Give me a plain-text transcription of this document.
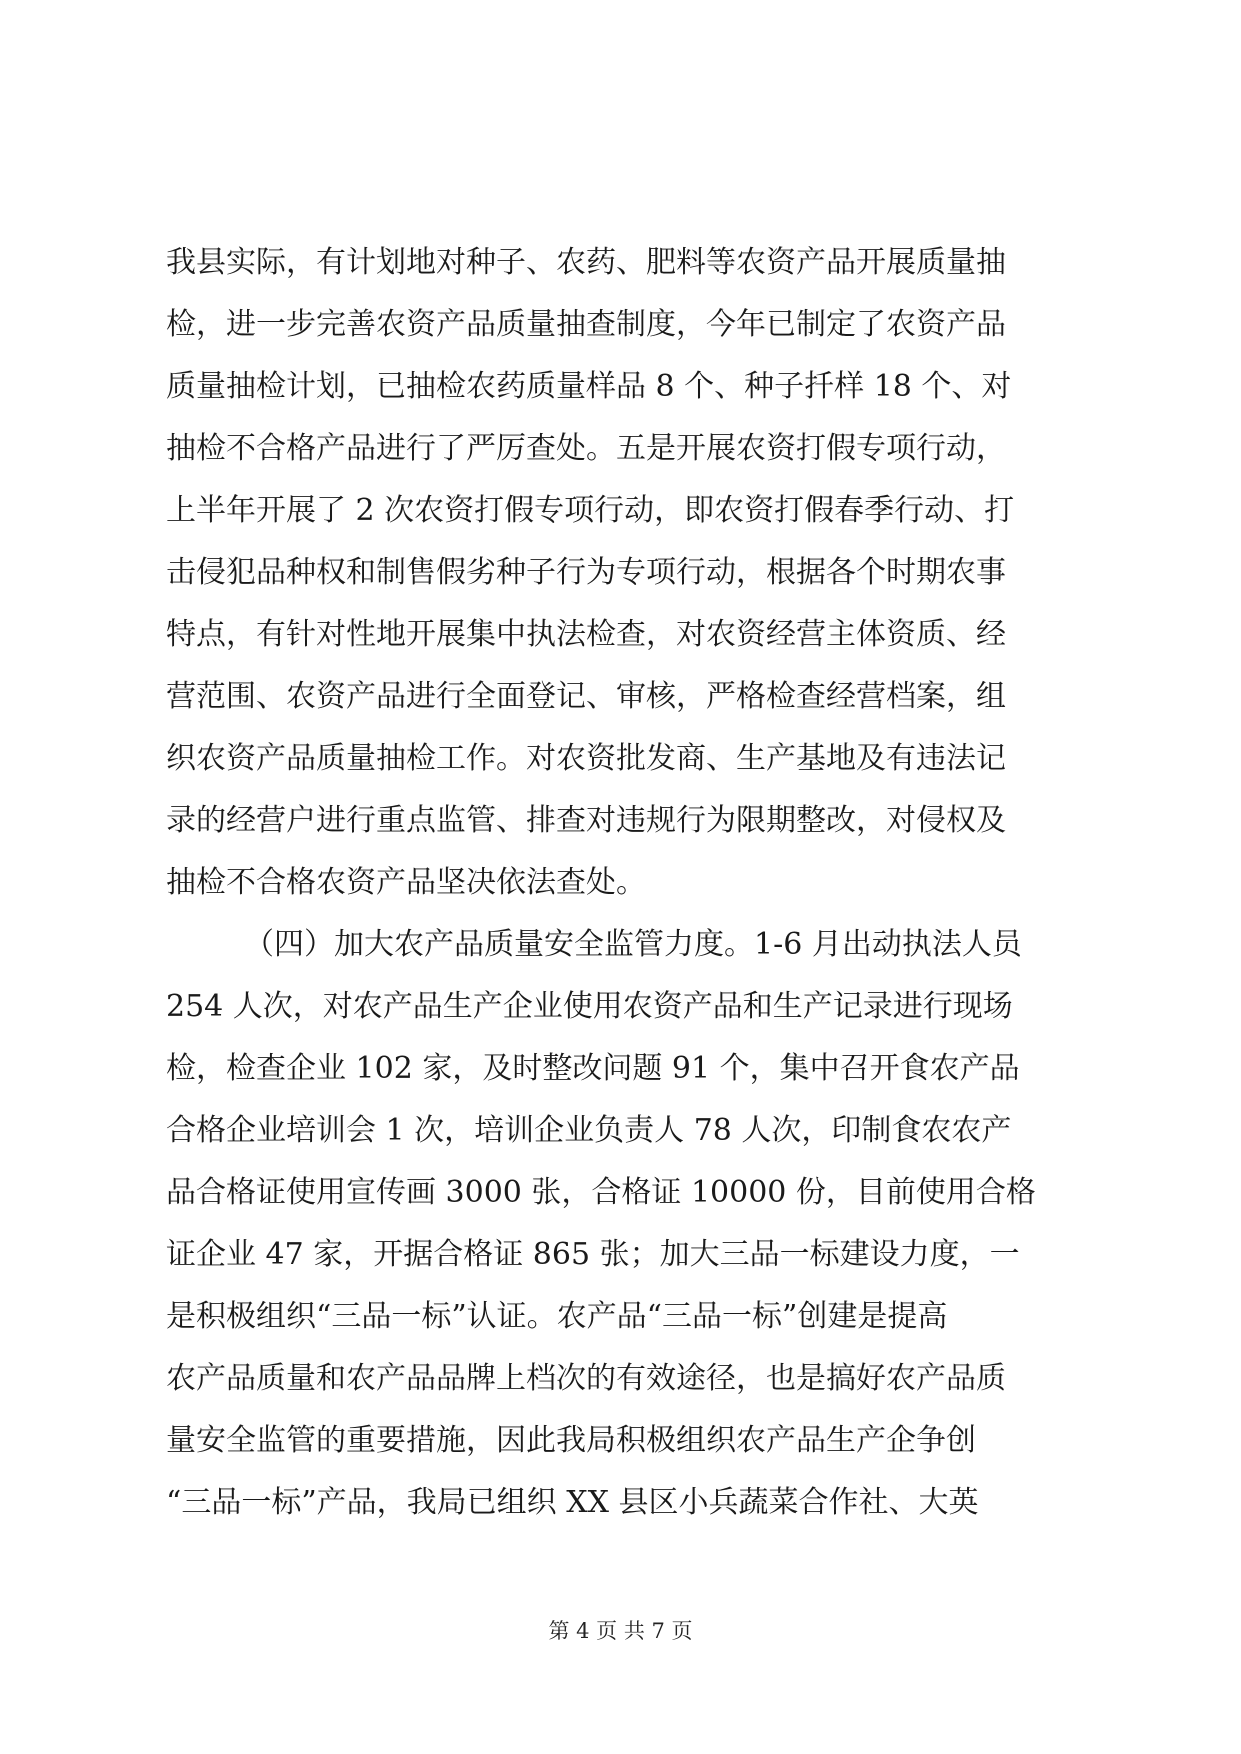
我县实际，有计划地对种子、农药、肥料等农资产品开展质量抽
检，进一步完善农资产品质量抽查制度，今年已制定了农资产品
质量抽检计划，已抽检农药质量样品 8 个、种子扦样 18 个、对
抽检不合格产品进行了严厉查处。五是开展农资打假专项行动，
上半年开展了 2 次农资打假专项行动，即农资打假春季行动、打
击侵犯品种权和制售假劣种子行为专项行动，根据各个时期农事
特点，有针对性地开展集中执法检查，对农资经营主体资质、经
营范围、农资产品进行全面登记、审核，严格检查经营档案，组
织农资产品质量抽检工作。对农资批发商、生产基地及有违法记
录的经营户进行重点监管、排查对违规行为限期整改，对侵权及
抽检不合格农资产品坚决依法查处。
（四）加大农产品质量安全监管力度。1-6 月出动执法人员
254 人次，对农产品生产企业使用农资产品和生产记录进行现场
检，检查企业 102 家，及时整改问题 91 个，集中召开食农产品
合格企业培训会 1 次，培训企业负责人 78 人次，印制食农农产
品合格证使用宣传画 3000 张，合格证 10000 份，目前使用合格
证企业 47 家，开据合格证 865 张；加大三品一标建设力度，一
是积极组织“三品一标”认证。农产品“三品一标”创建是提高
农产品质量和农产品品牌上档次的有效途径，也是搞好农产品质
量安全监管的重要措施，因此我局积极组织农产品生产企争创
“三品一标”产品，我局已组织 XX 县区小兵蔬菜合作社、大英
第 4 页 共 7 页
